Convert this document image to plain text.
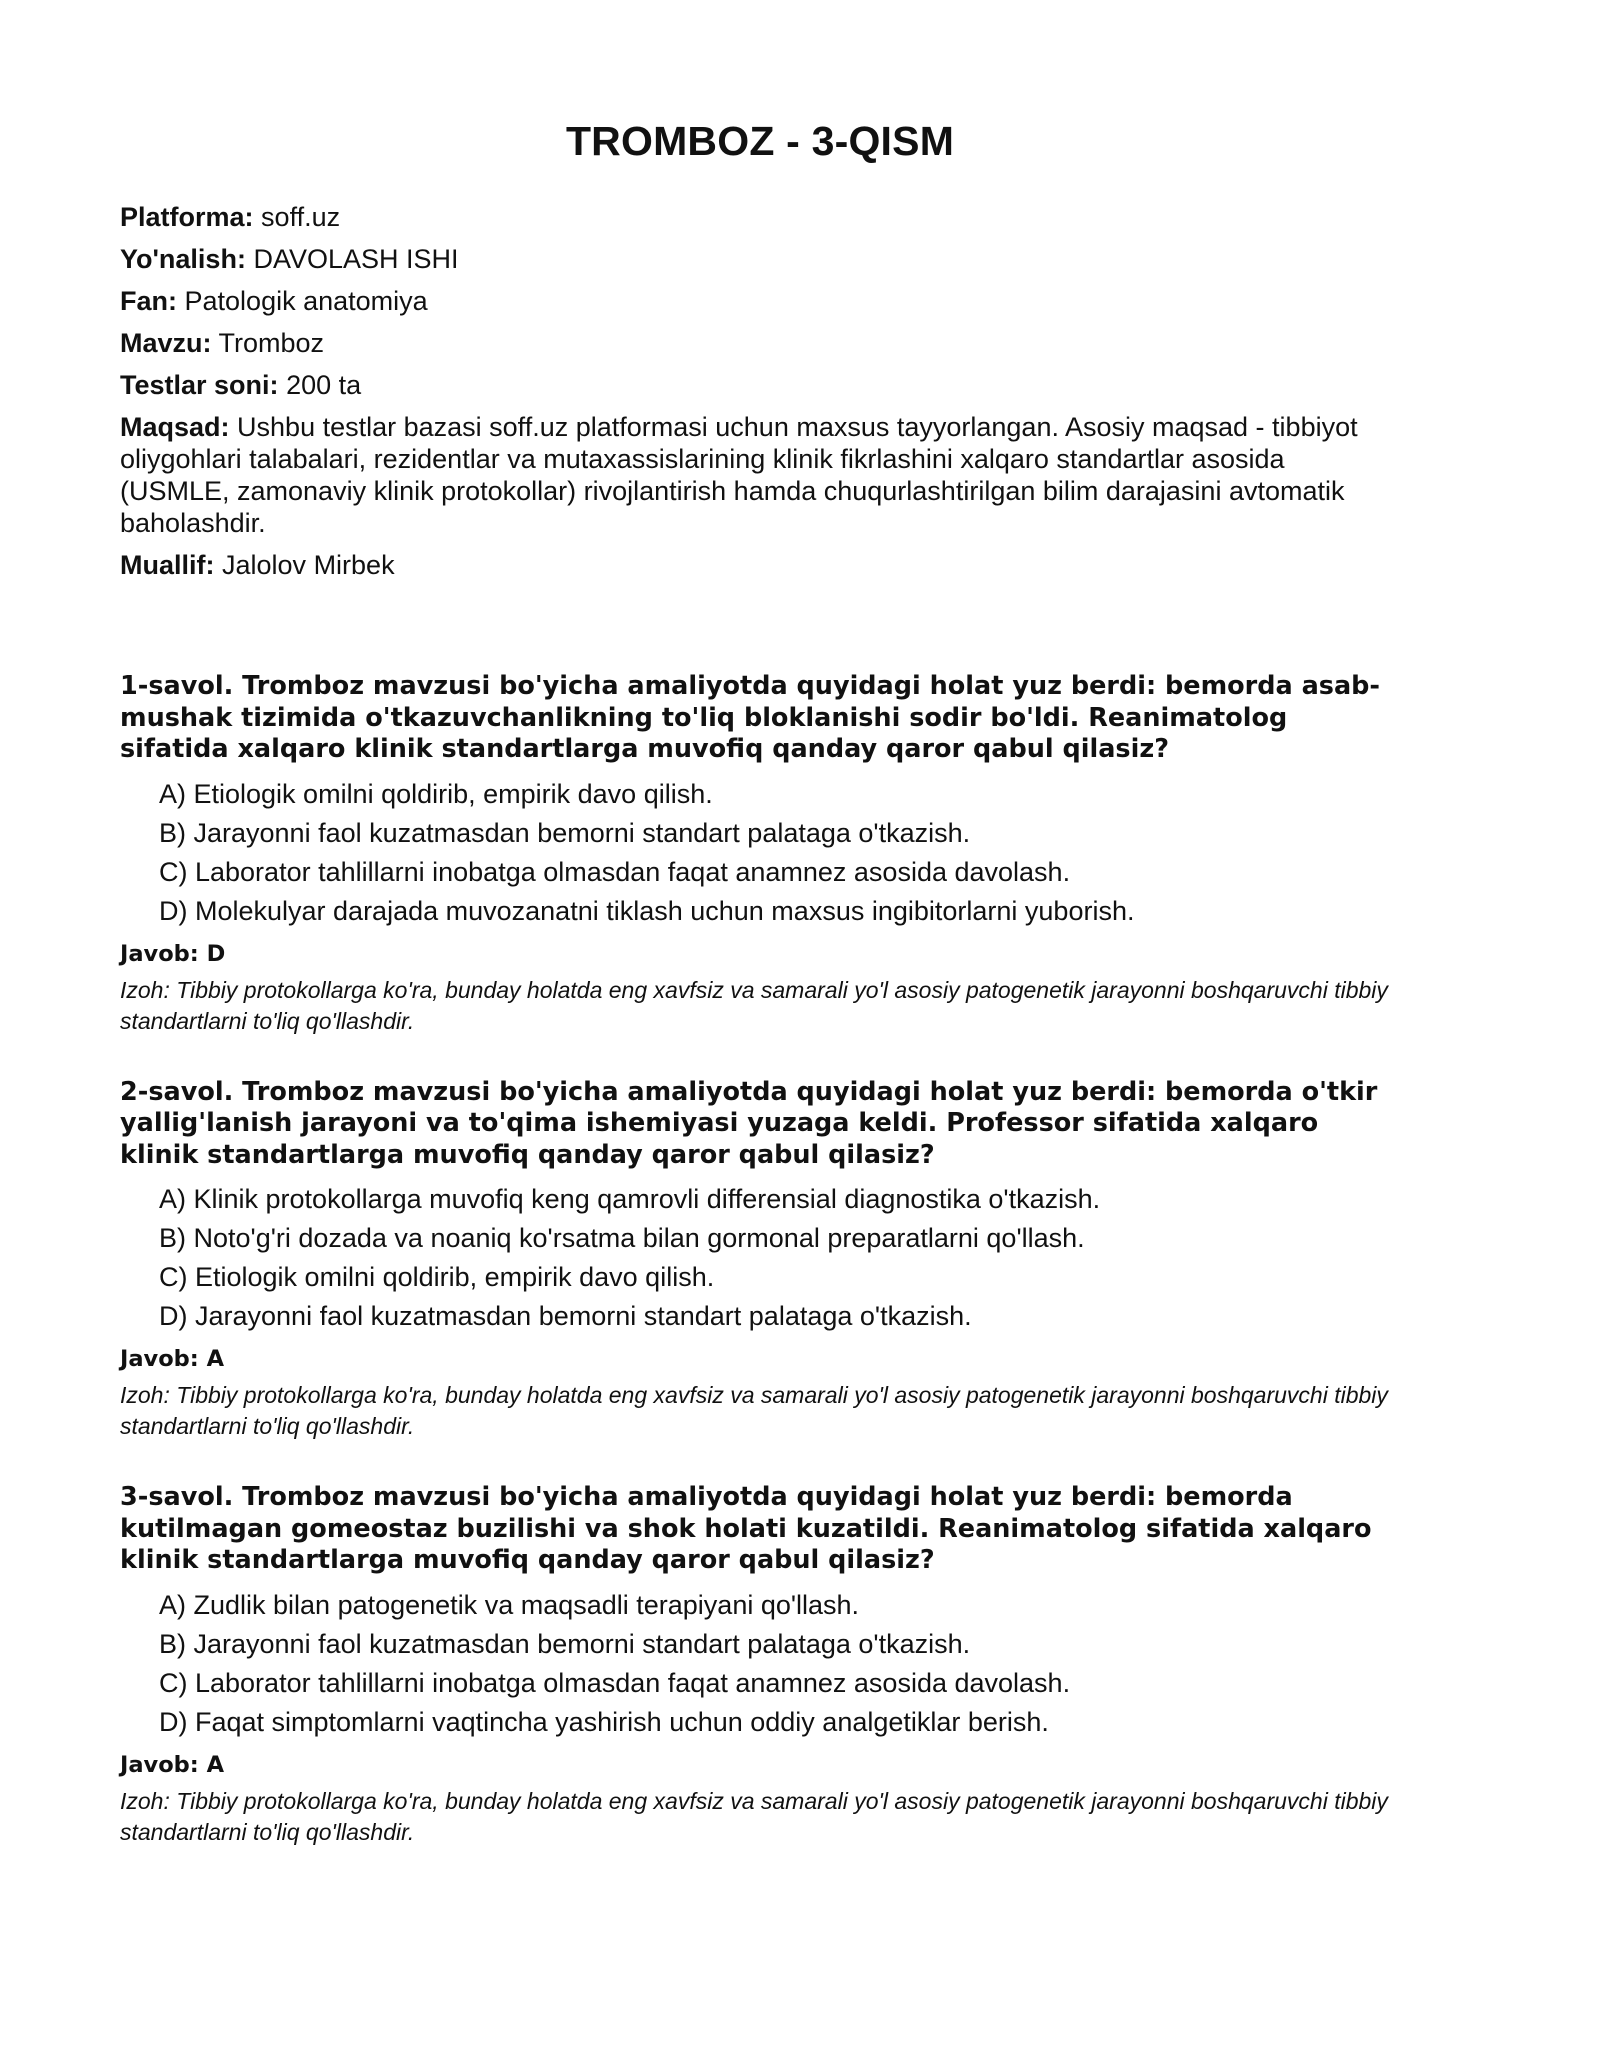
TROMBOZ - 3-QISM

Platforma: soff.uz

Yo'nalish: DAVOLASH ISHI

Fan: Patologik anatomiya

Mavzu: Tromboz

Testlar soni: 200 ta

Maqsad: Ushbu testlar bazasi soff.uz platformasi uchun maxsus tayyorlangan. Asosiy maqsad - tibbiyot oliygohlari talabalari, rezidentlar va mutaxassislarining klinik fikrlashini xalqaro standartlar asosida (USMLE, zamonaviy klinik protokollar) rivojlantirish hamda chuqurlashtirilgan bilim darajasini avtomatik baholashdir.

Muallif: Jalolov Mirbek

1-savol. Tromboz mavzusi bo'yicha amaliyotda quyidagi holat yuz berdi: bemorda asab-mushak tizimida o'tkazuvchanlikning to'liq bloklanishi sodir bo'ldi. Reanimatolog sifatida xalqaro klinik standartlarga muvofiq qanday qaror qabul qilasiz?

A) Etiologik omilni qoldirib, empirik davo qilish.
B) Jarayonni faol kuzatmasdan bemorni standart palataga o'tkazish.
C) Laborator tahlillarni inobatga olmasdan faqat anamnez asosida davolash.
D) Molekulyar darajada muvozanatni tiklash uchun maxsus ingibitorlarni yuborish.

Javob: D

Izoh: Tibbiy protokollarga ko'ra, bunday holatda eng xavfsiz va samarali yo'l asosiy patogenetik jarayonni boshqaruvchi tibbiy standartlarni to'liq qo'llashdir.

2-savol. Tromboz mavzusi bo'yicha amaliyotda quyidagi holat yuz berdi: bemorda o'tkir yallig'lanish jarayoni va to'qima ishemiyasi yuzaga keldi. Professor sifatida xalqaro klinik standartlarga muvofiq qanday qaror qabul qilasiz?

A) Klinik protokollarga muvofiq keng qamrovli differensial diagnostika o'tkazish.
B) Noto'g'ri dozada va noaniq ko'rsatma bilan gormonal preparatlarni qo'llash.
C) Etiologik omilni qoldirib, empirik davo qilish.
D) Jarayonni faol kuzatmasdan bemorni standart palataga o'tkazish.

Javob: A

Izoh: Tibbiy protokollarga ko'ra, bunday holatda eng xavfsiz va samarali yo'l asosiy patogenetik jarayonni boshqaruvchi tibbiy standartlarni to'liq qo'llashdir.

3-savol. Tromboz mavzusi bo'yicha amaliyotda quyidagi holat yuz berdi: bemorda kutilmagan gomeostaz buzilishi va shok holati kuzatildi. Reanimatolog sifatida xalqaro klinik standartlarga muvofiq qanday qaror qabul qilasiz?

A) Zudlik bilan patogenetik va maqsadli terapiyani qo'llash.
B) Jarayonni faol kuzatmasdan bemorni standart palataga o'tkazish.
C) Laborator tahlillarni inobatga olmasdan faqat anamnez asosida davolash.
D) Faqat simptomlarni vaqtincha yashirish uchun oddiy analgetiklar berish.

Javob: A

Izoh: Tibbiy protokollarga ko'ra, bunday holatda eng xavfsiz va samarali yo'l asosiy patogenetik jarayonni boshqaruvchi tibbiy standartlarni to'liq qo'llashdir.
